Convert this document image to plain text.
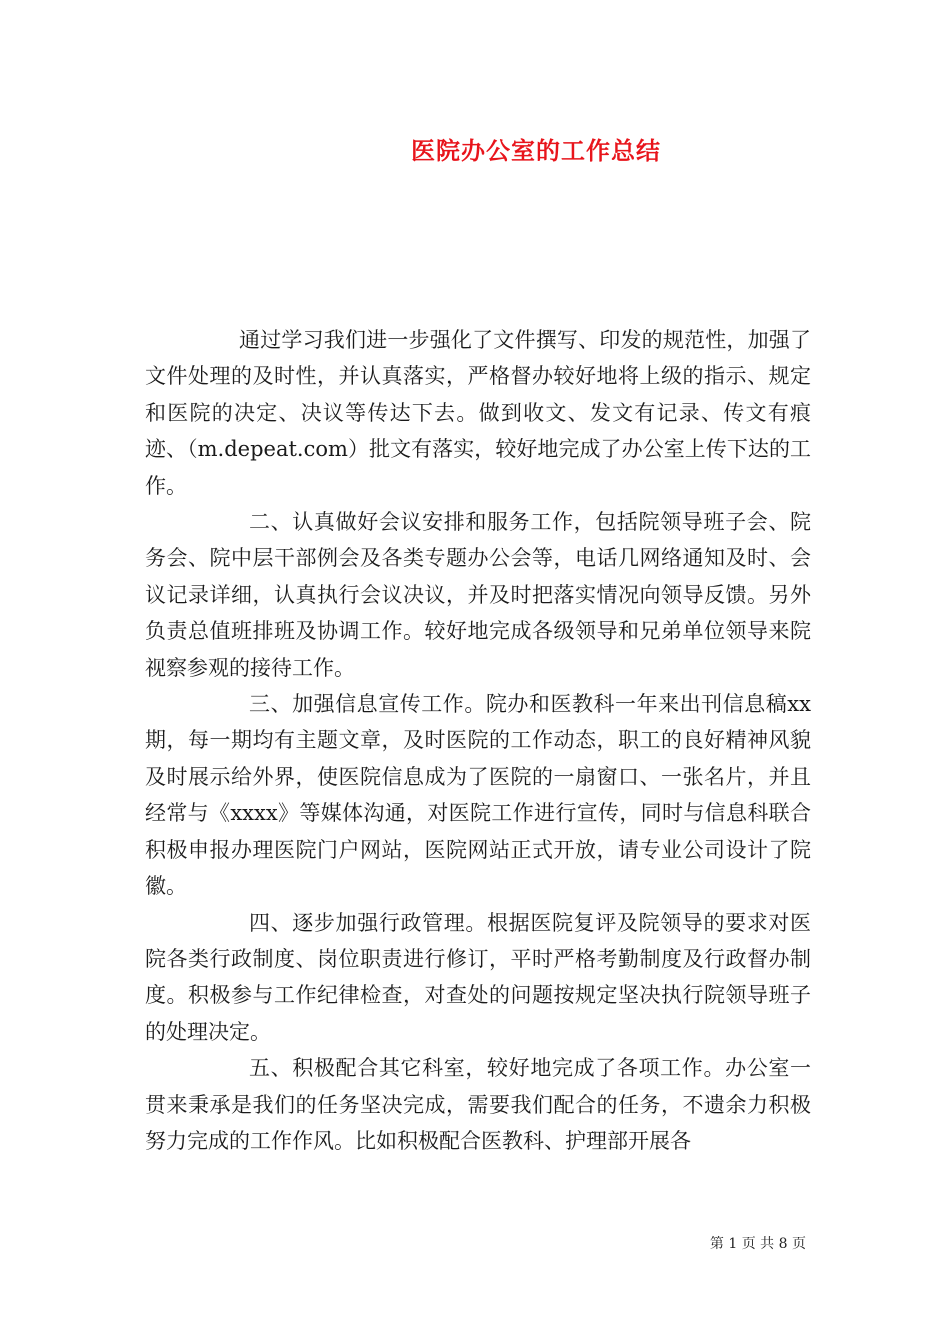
医院办公室的工作总结

通过学习我们进一步强化了文件撰写、印发的规范性，加强了文件处理的及时性，并认真落实，严格督办较好地将上级的指示、规定和医院的决定、决议等传达下去。做到收文、发文有记录、传文有痕迹、（m.depeat.com）批文有落实，较好地完成了办公室上传下达的工作。

二、认真做好会议安排和服务工作，包括院领导班子会、院务会、院中层干部例会及各类专题办公会等，电话几网络通知及时、会议记录详细，认真执行会议决议，并及时把落实情况向领导反馈。另外负责总值班排班及协调工作。较好地完成各级领导和兄弟单位领导来院视察参观的接待工作。

三、加强信息宣传工作。院办和医教科一年来出刊信息稿xx期，每一期均有主题文章，及时医院的工作动态，职工的良好精神风貌及时展示给外界，使医院信息成为了医院的一扇窗口、一张名片，并且经常与《xxxx》等媒体沟通，对医院工作进行宣传，同时与信息科联合积极申报办理医院门户网站，医院网站正式开放，请专业公司设计了院徽。

四、逐步加强行政管理。根据医院复评及院领导的要求对医院各类行政制度、岗位职责进行修订，平时严格考勤制度及行政督办制度。积极参与工作纪律检查，对查处的问题按规定坚决执行院领导班子的处理决定。

五、积极配合其它科室，较好地完成了各项工作。办公室一贯来秉承是我们的任务坚决完成，需要我们配合的任务，不遗余力积极努力完成的工作作风。比如积极配合医教科、护理部开展各

第 1 页 共 8 页
